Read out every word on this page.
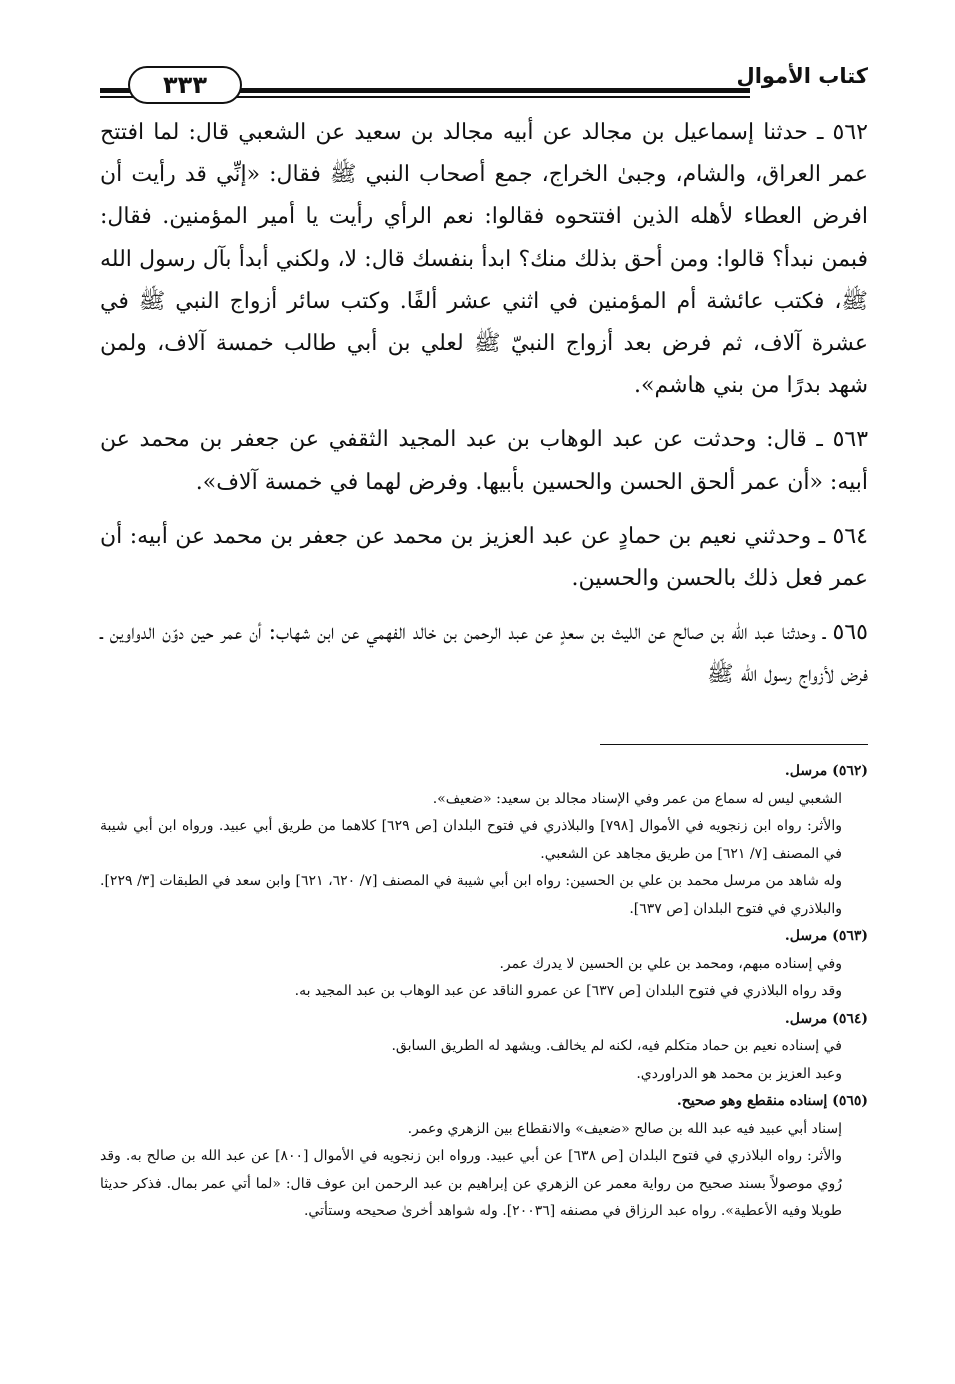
٣٣٣	كتاب الأموال

٥٦٢ ـ حدثنا إسماعيل بن مجالد عن أبيه مجالد بن سعيد عن الشعبي قال: لما افتتح عمر العراق، والشام، وجبىٰ الخراج، جمع أصحاب النبي ﷺ فقال: «إنِّي قد رأيت أن افرض العطاء لأهله الذين افتتحوه فقالوا: نعم الرأي رأيت يا أمير المؤمنين. فقال: فبمن نبدأ؟ قالوا: ومن أحق بذلك منك؟ ابدأ بنفسك قال: لا، ولكني أبدأ بآل رسول الله ﷺ، فكتب عائشة أم المؤمنين في اثني عشر ألفًا. وكتب سائر أزواج النبي ﷺ في عشرة آلاف، ثم فرض بعد أزواج النبيّ ﷺ لعلي بن أبي طالب خمسة آلاف، ولمن شهد بدرًا من بني هاشم».

٥٦٣ ـ قال: وحدثت عن عبد الوهاب بن عبد المجيد الثقفي عن جعفر بن محمد عن أبيه: «أن عمر ألحق الحسن والحسين بأبيها. وفرض لهما في خمسة آلاف».

٥٦٤ ـ وحدثني نعيم بن حمادٍ عن عبد العزيز بن محمد عن جعفر بن محمد عن أبيه: أن عمر فعل ذلك بالحسن والحسين.

٥٦٥ ـ وحدثنا عبد الله بن صالح عن الليث بن سعدٍ عن عبد الرحمن بن خالد الفهمي عن ابن شهاب: أن عمر حين دوّن الدواوين ـ فرض لأزواج رسول الله ﷺ

(٥٦٢) مرسل.

الشعبي ليس له سماع من عمر وفي الإسناد مجالد بن سعيد: «ضعيف».

والأثر: رواه ابن زنجويه في الأموال [٧٩٨] والبلاذري في فتوح البلدان [ص ٦٢٩] كلاهما من طريق أبي عبيد. ورواه ابن أبي شيبة في المصنف [٧/ ٦٢١] من طريق مجاهد عن الشعبي.

وله شاهد من مرسل محمد بن علي بن الحسين: رواه ابن أبي شيبة في المصنف [٧/ ٦٢٠، ٦٢١] وابن سعد في الطبقات [٣/ ٢٢٩]. والبلاذري في فتوح البلدان [ص ٦٣٧].

(٥٦٣) مرسل.

وفي إسناده مبهم، ومحمد بن علي بن الحسين لا يدرك عمر.

وقد رواه البلاذري في فتوح البلدان [ص ٦٣٧] عن عمرو الناقد عن عبد الوهاب بن عبد المجيد به.

(٥٦٤) مرسل.

في إسناده نعيم بن حماد متكلم فيه، لكنه لم يخالف. ويشهد له الطريق السابق.

وعبد العزيز بن محمد هو الدراوردي.

(٥٦٥) إسناده منقطع وهو صحيح.

إسناد أبي عبيد فيه عبد الله بن صالح «ضعيف» والانقطاع بين الزهري وعمر.

والأثر: رواه البلاذري في فتوح البلدان [ص ٦٣٨] عن أبي عبيد. ورواه ابن زنجويه في الأموال [٨٠٠] عن عبد الله بن صالح به. وقد رُوي موصولاً بسند صحيح من رواية معمر عن الزهري عن إبراهيم بن عبد الرحمن ابن عوف قال: «لما أتي عمر بمال. فذكر حديثا طويلا وفيه الأعطية». رواه عبد الرزاق في مصنفه [٢٠٠٣٦]. وله شواهد أخرىٰ صحيحه وستأتي.
